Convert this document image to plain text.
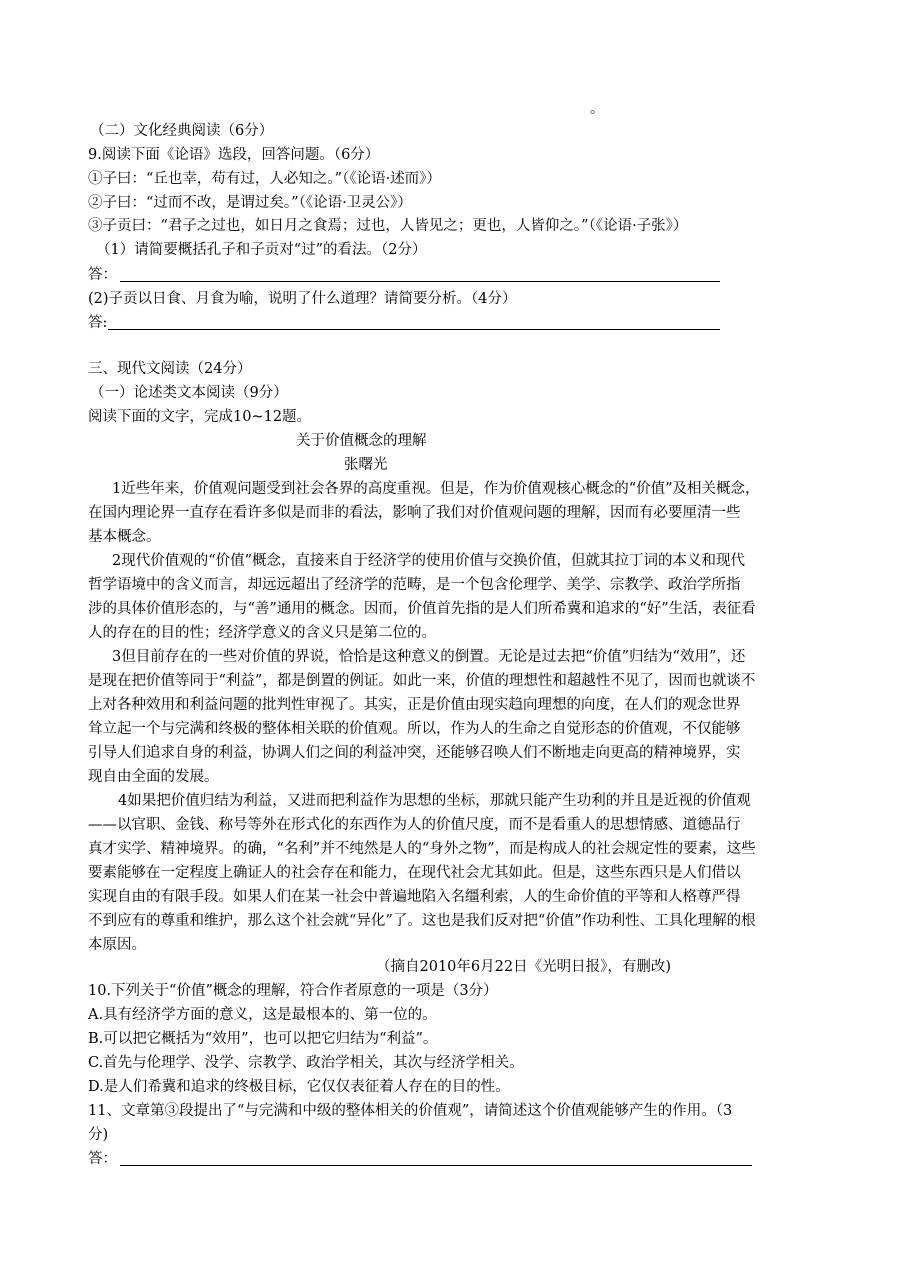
。
（二）文化经典阅读（6分）
9.阅读下面《论语》选段，回答问题。（6分）
①子曰：“丘也幸，苟有过，人必知之。”（《论语·述而》）
②子曰：“过而不改，是谓过矣。”（《论语·卫灵公》）
③子贡曰：“君子之过也，如日月之食焉；过也，人皆见之；更也，人皆仰之。”（《论语·子张》）
（1）请简要概括孔子和子贡对“过”的看法。（2分）
答：
(2)子贡以日食、月食为喻，说明了什么道理？请简要分析。（4分）
答:
三、现代文阅读（24分）
（一）论述类文本阅读（9分）
阅读下面的文字，完成10~12题。
关于价值概念的理解
张曙光
1近些年来，价值观问题受到社会各界的高度重视。但是，作为价值观核心概念的“价值”及相关概念，
在国内理论界一直存在看许多似是而非的看法，影响了我们对价值观问题的理解，因而有必要厘清一些
基本概念。
2现代价值观的“价值”概念，直接来自于经济学的使用价值与交换价值，但就其拉丁词的本义和现代
哲学语境中的含义而言，却远远超出了经济学的范畴，是一个包含伦理学、美学、宗教学、政治学所指
涉的具体价值形态的，与“善”通用的概念。因而，价值首先指的是人们所希冀和追求的“好”生活，表征看
人的存在的目的性；经济学意义的含义只是第二位的。
3但目前存在的一些对价值的界说，恰恰是这种意义的倒置。无论是过去把“价值”归结为“效用”，还
是现在把价值等同于“利益”，都是倒置的例证。如此一来，价值的理想性和超越性不见了，因而也就谈不
上对各种效用和利益问题的批判性审视了。其实，正是价值由现实趋向理想的向度，在人们的观念世界
耸立起一个与完满和终极的整体相关联的价值观。所以，作为人的生命之自觉形态的价值观，不仅能够
引导人们追求自身的利益，协调人们之间的利益冲突，还能够召唤人们不断地走向更高的精神境界，实
现自由全面的发展。
4如果把价值归结为利益，又进而把利益作为思想的坐标，那就只能产生功利的并且是近视的价值观
——以官职、金钱、称号等外在形式化的东西作为人的价值尺度，而不是看重人的思想情感、道德品行
真才实学、精神境界。的确，“名利”并不纯然是人的“身外之物”，而是构成人的社会规定性的要素，这些
要素能够在一定程度上确证人的社会存在和能力，在现代社会尤其如此。但是，这些东西只是人们借以
实现自由的有限手段。如果人们在某一社会中普遍地陷入名缰利索，人的生命价值的平等和人格尊严得
不到应有的尊重和维护，那么这个社会就“异化”了。这也是我们反对把“价值”作功利性、工具化理解的根
本原因。
（摘自2010年6月22日《光明日报》，有删改)
10.下列关于“价值”概念的理解，符合作者原意的一项是（3分）
A.具有经济学方面的意义，这是最根本的、第一位的。
B.可以把它概括为“效用”，也可以把它归结为“利益”。
C.首先与伦理学、没学、宗教学、政治学相关，其次与经济学相关。
D.是人们希冀和追求的终极目标，它仅仅表征着人存在的目的性。
11、文章第③段提出了“与完满和中级的整体相关的价值观”，请简述这个价值观能够产生的作用。（3
分)
答：
